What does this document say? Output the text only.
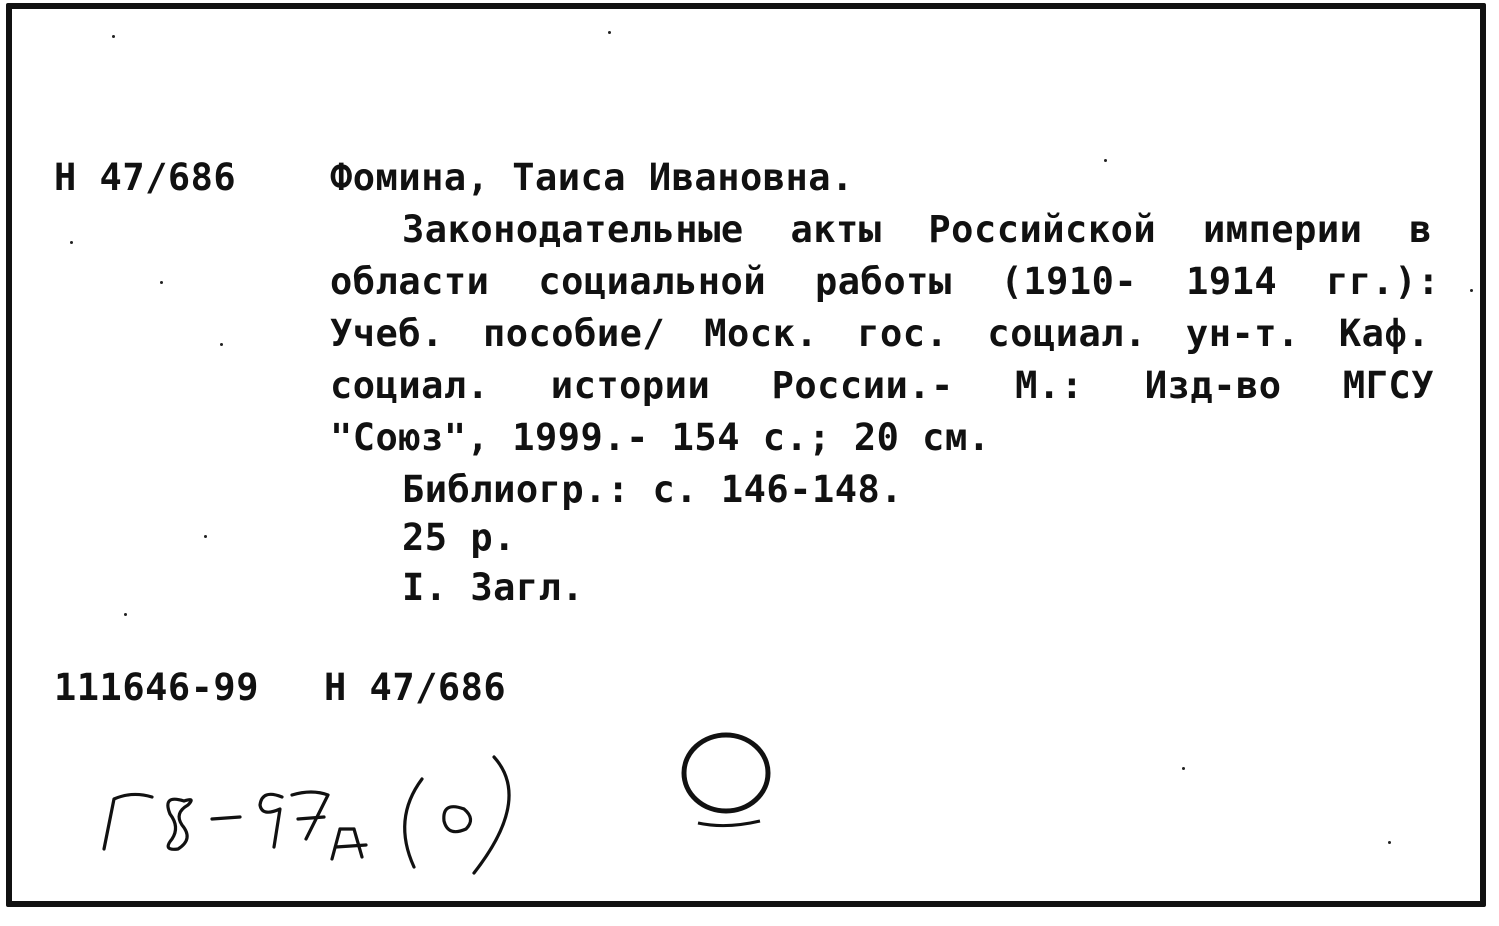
Н 47/686	Фомина, Таиса Ивановна.
Законодательные акты Российской империи в
области социальной работы (1910- 1914 гг.):
Учеб. пособие/ Моск. гос. социал. ун-т. Каф.
социал. истории России.- М.: Изд-во МГСУ
"Союз", 1999.- 154 с.; 20 см.
Библиогр.: с. 146-148.
25 р.
I. Загл.
111646-99 Н 47/686
